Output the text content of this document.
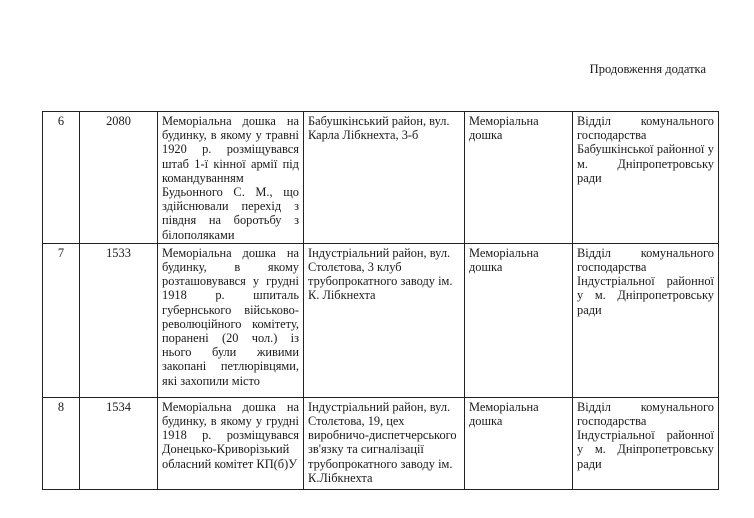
Продовження додатка
6	2080	Меморіальна дошка на будинку, в якому у травні 1920 р. розміщувався штаб 1-ї кінної армії під командуванням Будьонного С. М., що здійснювали перехід з півдня на боротьбу з білополяками	Бабушкінський район, вул. Карла Лібкнехта, 3-б	Меморіальна дошка	Відділ комунального господарства Бабушкінської районної у м. Дніпропетровську ради
7	1533	Меморіальна дошка на будинку, в якому розташовувався у грудні 1918 р. шпиталь губернського військово-революційного комітету, поранені (20 чол.) із нього були живими закопані петлюрівцями, які захопили місто	Індустріальний район, вул. Столєтова, 3 клуб трубопрокатного заводу ім. К. Лібкнехта	Меморіальна дошка	Відділ комунального господарства Індустріальної районної у м. Дніпропетровську ради
8	1534	Меморіальна дошка на будинку, в якому у грудні 1918 р. розміщувався Донецько-Криворізький обласний комітет КП(б)У	Індустріальний район, вул. Столєтова, 19, цех виробничо-диспетчерського зв'язку та сигналізації трубопрокатного заводу ім. К.Лібкнехта	Меморіальна дошка	Відділ комунального господарства Індустріальної районної у м. Дніпропетровську ради
